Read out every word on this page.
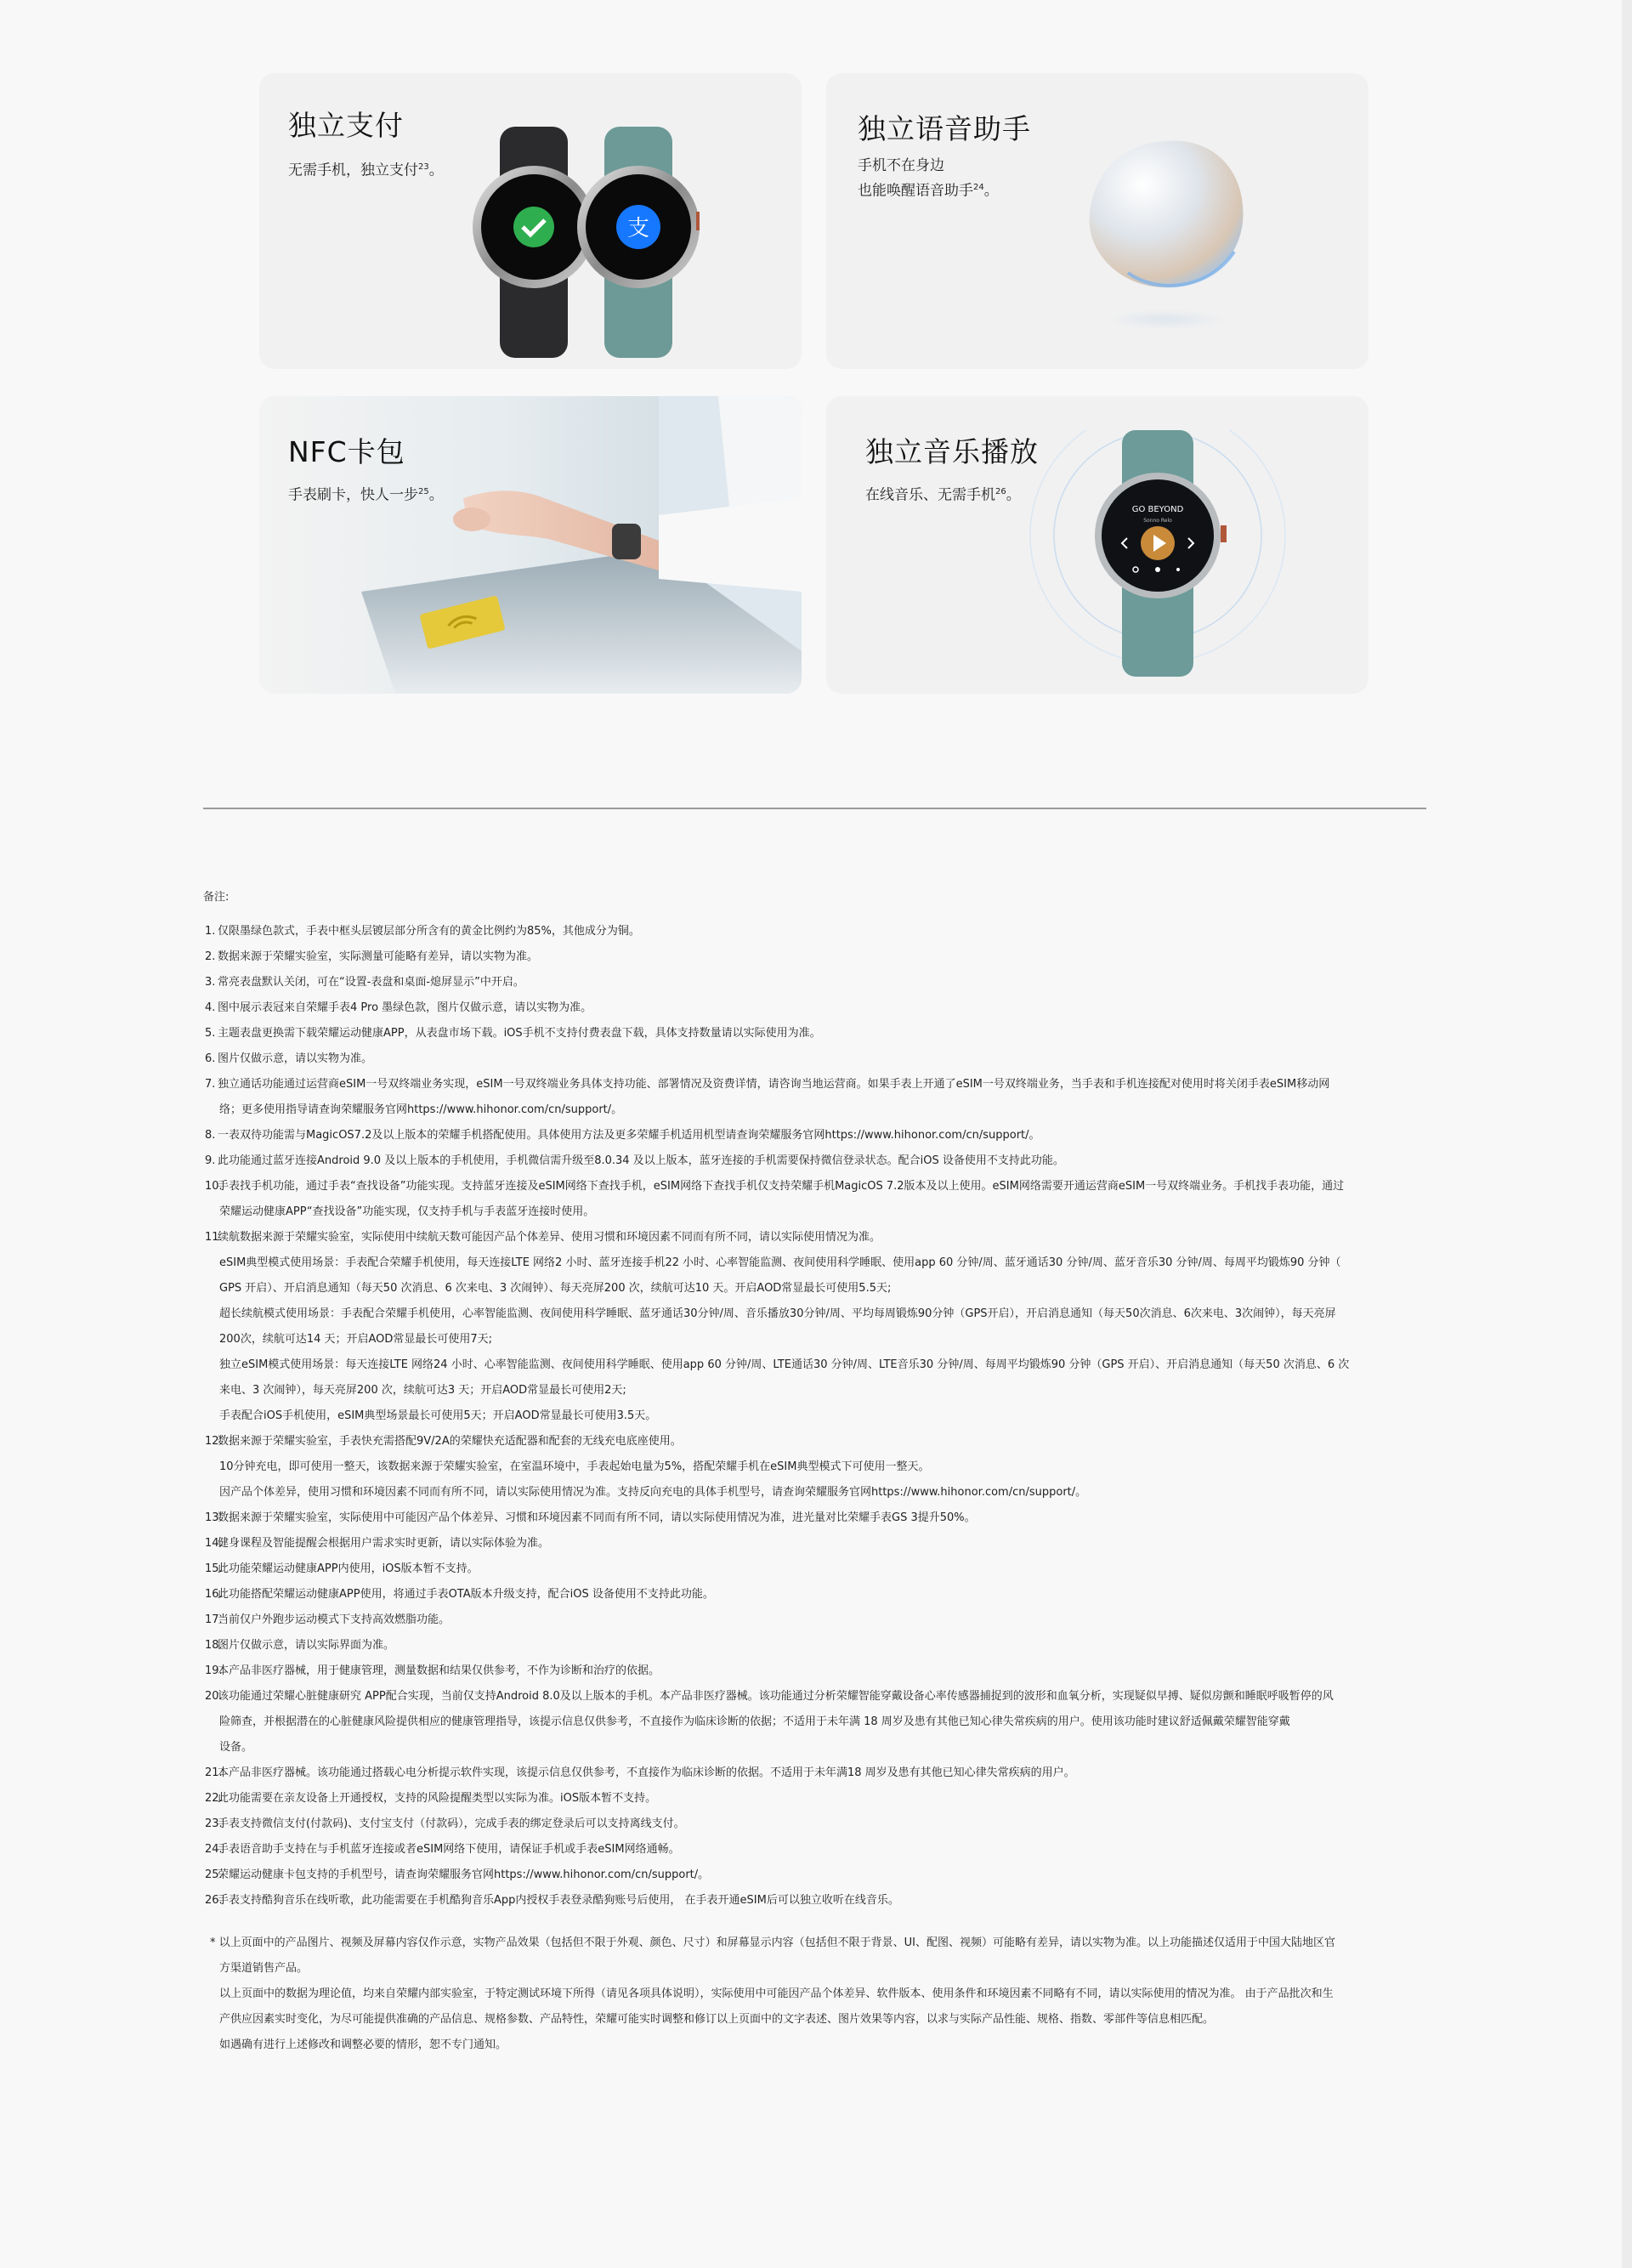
独立支付
无需手机，独立支付$^{23}$。
支
独立语音助手
手机不在身边
也能唤醒语音助手$^{24}$。
NFC卡包
手表刷卡，快人一步$^{25}$。
独立音乐播放
在线音乐、无需手机$^{26}$。
GO BEYOND
Sonno Relo
备注:
1. 仅限墨绿色款式，手表中框头层镀层部分所含有的黄金比例约为85%，其他成分为铜。
2. 数据来源于荣耀实验室，实际测量可能略有差异，请以实物为准。
3. 常亮表盘默认关闭，可在“设置-表盘和桌面-熄屏显示”中开启。
4. 图中展示表冠来自荣耀手表4 Pro 墨绿色款，图片仅做示意，请以实物为准。
5. 主题表盘更换需下载荣耀运动健康APP，从表盘市场下载。iOS手机不支持付费表盘下载，具体支持数量请以实际使用为准。
6. 图片仅做示意，请以实物为准。
7. 独立通话功能通过运营商eSIM一号双终端业务实现，eSIM一号双终端业务具体支持功能、部署情况及资费详情，请咨询当地运营商。如果手表上开通了eSIM一号双终端业务，当手表和手机连接配对使用时将关闭手表eSIM移动网
络；更多使用指导请查询荣耀服务官网https://www.hihonor.com/cn/support/。
8. 一表双待功能需与MagicOS7.2及以上版本的荣耀手机搭配使用。具体使用方法及更多荣耀手机适用机型请查询荣耀服务官网https://www.hihonor.com/cn/support/。
9. 此功能通过蓝牙连接Android 9.0 及以上版本的手机使用，手机微信需升级至8.0.34 及以上版本，蓝牙连接的手机需要保持微信登录状态。配合iOS 设备使用不支持此功能。
10.手表找手机功能，通过手表“查找设备”功能实现。支持蓝牙连接及eSIM网络下查找手机，eSIM网络下查找手机仅支持荣耀手机MagicOS 7.2版本及以上使用。eSIM网络需要开通运营商eSIM一号双终端业务。手机找手表功能，通过
荣耀运动健康APP“查找设备”功能实现，仅支持手机与手表蓝牙连接时使用。
11.续航数据来源于荣耀实验室，实际使用中续航天数可能因产品个体差异、使用习惯和环境因素不同而有所不同，请以实际使用情况为准。
eSIM典型模式使用场景：手表配合荣耀手机使用，每天连接LTE 网络2 小时、蓝牙连接手机22 小时、心率智能监测、夜间使用科学睡眠、使用app 60 分钟/周、蓝牙通话30 分钟/周、蓝牙音乐30 分钟/周、每周平均锻炼90 分钟（
GPS 开启）、开启消息通知（每天50 次消息、6 次来电、3 次闹钟）、每天亮屏200 次，续航可达10 天。开启AOD常显最长可使用5.5天;
超长续航模式使用场景：手表配合荣耀手机使用，心率智能监测、夜间使用科学睡眠、蓝牙通话30分钟/周、音乐播放30分钟/周、平均每周锻炼90分钟（GPS开启），开启消息通知（每天50次消息、6次来电、3次闹钟），每天亮屏
200次，续航可达14 天；开启AOD常显最长可使用7天;
独立eSIM模式使用场景：每天连接LTE 网络24 小时、心率智能监测、夜间使用科学睡眠、使用app 60 分钟/周、LTE通话30 分钟/周、LTE音乐30 分钟/周、每周平均锻炼90 分钟（GPS 开启）、开启消息通知（每天50 次消息、6 次
来电、3 次闹钟），每天亮屏200 次，续航可达3 天；开启AOD常显最长可使用2天;
手表配合iOS手机使用，eSIM典型场景最长可使用5天；开启AOD常显最长可使用3.5天。
12.数据来源于荣耀实验室，手表快充需搭配9V/2A的荣耀快充适配器和配套的无线充电底座使用。
10分钟充电，即可使用一整天，该数据来源于荣耀实验室，在室温环境中，手表起始电量为5%，搭配荣耀手机在eSIM典型模式下可使用一整天。
因产品个体差异，使用习惯和环境因素不同而有所不同，请以实际使用情况为准。支持反向充电的具体手机型号，请查询荣耀服务官网https://www.hihonor.com/cn/support/。
13.数据来源于荣耀实验室，实际使用中可能因产品个体差异、习惯和环境因素不同而有所不同，请以实际使用情况为准，进光量对比荣耀手表GS 3提升50%。
14.健身课程及智能提醒会根据用户需求实时更新，请以实际体验为准。
15.此功能荣耀运动健康APP内使用，iOS版本暂不支持。
16.此功能搭配荣耀运动健康APP使用，将通过手表OTA版本升级支持，配合iOS 设备使用不支持此功能。
17.当前仅户外跑步运动模式下支持高效燃脂功能。
18.图片仅做示意，请以实际界面为准。
19.本产品非医疗器械，用于健康管理，测量数据和结果仅供参考，不作为诊断和治疗的依据。
20.该功能通过荣耀心脏健康研究 APP配合实现，当前仅支持Android 8.0及以上版本的手机。本产品非医疗器械。该功能通过分析荣耀智能穿戴设备心率传感器捕捉到的波形和血氧分析，实现疑似早搏、疑似房颤和睡眠呼吸暂停的风
险筛查，并根据潜在的心脏健康风险提供相应的健康管理指导，该提示信息仅供参考，不直接作为临床诊断的依据；不适用于未年满 18 周岁及患有其他已知心律失常疾病的用户。使用该功能时建议舒适佩戴荣耀智能穿戴
设备。
21.本产品非医疗器械。该功能通过搭载心电分析提示软件实现，该提示信息仅供参考，不直接作为临床诊断的依据。不适用于未年满18 周岁及患有其他已知心律失常疾病的用户。
22.此功能需要在亲友设备上开通授权，支持的风险提醒类型以实际为准。iOS版本暂不支持。
23.手表支持微信支付(付款码)、支付宝支付（付款码），完成手表的绑定登录后可以支持离线支付。
24.手表语音助手支持在与手机蓝牙连接或者eSIM网络下使用，请保证手机或手表eSIM网络通畅。
25.荣耀运动健康卡包支持的手机型号，请查询荣耀服务官网https://www.hihonor.com/cn/support/。
26.手表支持酷狗音乐在线听歌，此功能需要在手机酷狗音乐App内授权手表登录酷狗账号后使用， 在手表开通eSIM后可以独立收听在线音乐。
* 以上页面中的产品图片、视频及屏幕内容仅作示意，实物产品效果（包括但不限于外观、颜色、尺寸）和屏幕显示内容（包括但不限于背景、UI、配图、视频）可能略有差异，请以实物为准。以上功能描述仅适用于中国大陆地区官
方渠道销售产品。
以上页面中的数据为理论值，均来自荣耀内部实验室，于特定测试环境下所得（请见各项具体说明），实际使用中可能因产品个体差异、软件版本、使用条件和环境因素不同略有不同，请以实际使用的情况为准。 由于产品批次和生
产供应因素实时变化，为尽可能提供准确的产品信息、规格参数、产品特性，荣耀可能实时调整和修订以上页面中的文字表述、图片效果等内容，以求与实际产品性能、规格、指数、零部件等信息相匹配。
如遇确有进行上述修改和调整必要的情形，恕不专门通知。
